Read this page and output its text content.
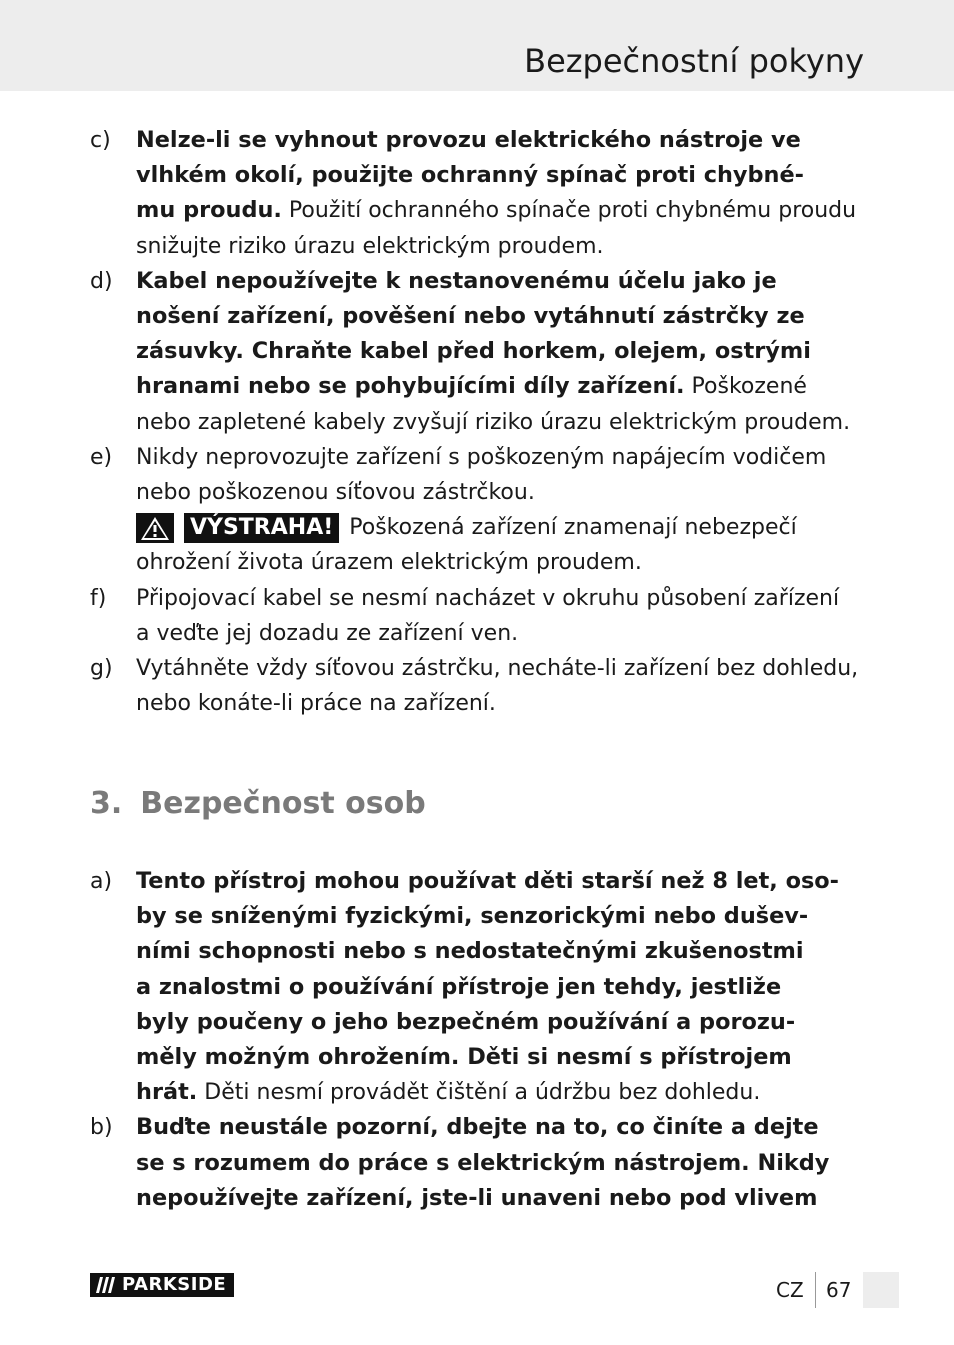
Bezpečnostní pokyny
c) Nelze-li se vyhnout provozu elektrického nástroje ve
vlhkém okolí, použijte ochranný spínač proti chybné-
mu proudu. Použití ochranného spínače proti chybnému proudu
snižujte riziko úrazu elektrickým proudem.
d) Kabel nepoužívejte k nestanovenému účelu jako je
nošení zařízení, pověšení nebo vytáhnutí zástrčky ze
zásuvky. Chraňte kabel před horkem, olejem, ostrými
hranami nebo se pohybujícími díly zařízení. Poškozené
nebo zapletené kabely zvyšují riziko úrazu elektrickým proudem.
e) Nikdy neprovozujte zařízení s poškozeným napájecím vodičem
nebo poškozenou síťovou zástrčkou.
VÝSTRAHA! Poškozená zařízení znamenají nebezpečí
ohrožení života úrazem elektrickým proudem.
f) Připojovací kabel se nesmí nacházet v okruhu působení zařízení
a veďte jej dozadu ze zařízení ven.
g) Vytáhněte vždy síťovou zástrčku, necháte-li zařízení bez dohledu,
nebo konáte-li práce na zařízení.
a) Tento přístroj mohou používat děti starší než 8 let, oso-
by se sníženými fyzickými, senzorickými nebo dušev-
ními schopnosti nebo s nedostatečnými zkušenostmi
a znalostmi o používání přístroje jen tehdy, jestliže
byly poučeny o jeho bezpečném používání a porozu-
měly možným ohrožením. Děti si nesmí s přístrojem
hrát. Děti nesmí provádět čištění a údržbu bez dohledu.
b) Buďte neustále pozorní, dbejte na to, co činíte a dejte
se s rozumem do práce s elektrickým nástrojem. Nikdy
nepoužívejte zařízení, jste-li unaveni nebo pod vlivem
3. Bezpečnost osob
PARKSIDE	CZ 67
